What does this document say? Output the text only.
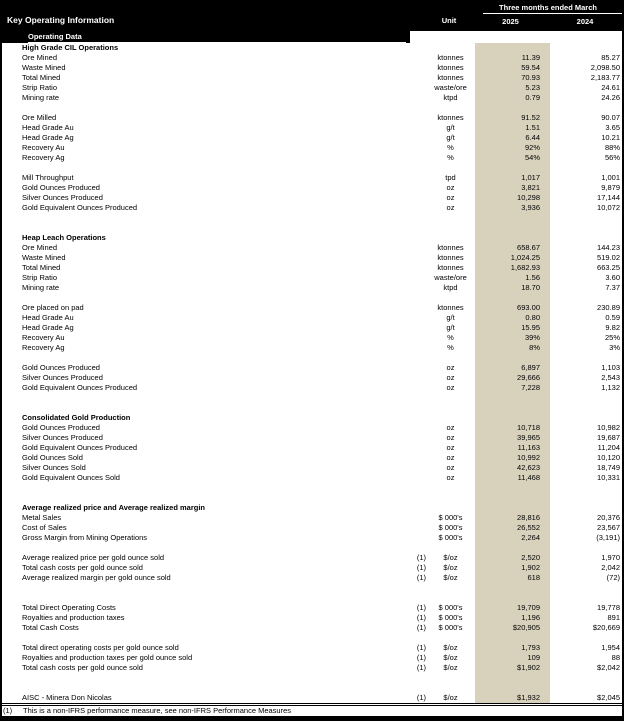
Key Operating Information
Three months ended March
Unit	2025	2024
Operating Data
High Grade CIL Operations
Ore Mined	ktonnes	11.39	85.27
Waste Mined	ktonnes	59.54	2,098.50
Total Mined	ktonnes	70.93	2,183.77
Strip Ratio	waste/ore	5.23	24.61
Mining rate	ktpd	0.79	24.26
Ore Milled	ktonnes	91.52	90.07
Head Grade Au	g/t	1.51	3.65
Head Grade Ag	g/t	6.44	10.21
Recovery Au	%	92%	88%
Recovery Ag	%	54%	56%
Mill Throughput	tpd	1,017	1,001
Gold Ounces Produced	oz	3,821	9,879
Silver Ounces Produced	oz	10,298	17,144
Gold Equivalent Ounces Produced	oz	3,936	10,072
Heap Leach Operations
Ore Mined	ktonnes	658.67	144.23
Waste Mined	ktonnes	1,024.25	519.02
Total Mined	ktonnes	1,682.93	663.25
Strip Ratio	waste/ore	1.56	3.60
Mining rate	ktpd	18.70	7.37
Ore placed on pad	ktonnes	693.00	230.89
Head Grade Au	g/t	0.80	0.59
Head Grade Ag	g/t	15.95	9.82
Recovery Au	%	39%	25%
Recovery Ag	%	8%	3%
Gold Ounces Produced	oz	6,897	1,103
Silver Ounces Produced	oz	29,666	2,543
Gold Equivalent Ounces Produced	oz	7,228	1,132
Consolidated Gold Production
Gold Ounces Produced	oz	10,718	10,982
Silver Ounces Produced	oz	39,965	19,687
Gold Equivalent Ounces Produced	oz	11,163	11,204
Gold Ounces Sold	oz	10,992	10,120
Silver Ounces Sold	oz	42,623	18,749
Gold Equivalent Ounces Sold	oz	11,468	10,331
Average realized price and Average realized margin
Metal Sales	$ 000's	28,816	20,376
Cost of Sales	$ 000's	26,552	23,567
Gross Margin from Mining Operations	$ 000's	2,264	(3,191)
Average realized price per gold ounce sold	(1)	$/oz	2,520	1,970
Total cash costs per gold ounce sold	(1)	$/oz	1,902	2,042
Average realized margin per gold ounce sold	(1)	$/oz	618	(72)
Total Direct Operating Costs	(1)	$ 000's	19,709	19,778
Royalties and production taxes	(1)	$ 000's	1,196	891
Total Cash Costs	(1)	$ 000's	$20,905	$20,669
Total direct operating costs per gold ounce sold	(1)	$/oz	1,793	1,954
Royalties and production taxes per gold ounce sold	(1)	$/oz	109	88
Total cash costs per gold ounce sold	(1)	$/oz	$1,902	$2,042
AISC - Minera Don Nicolas	(1)	$/oz	$1,932	$2,045
(1)	This is a non-IFRS performance measure, see non-IFRS Performance Measures
